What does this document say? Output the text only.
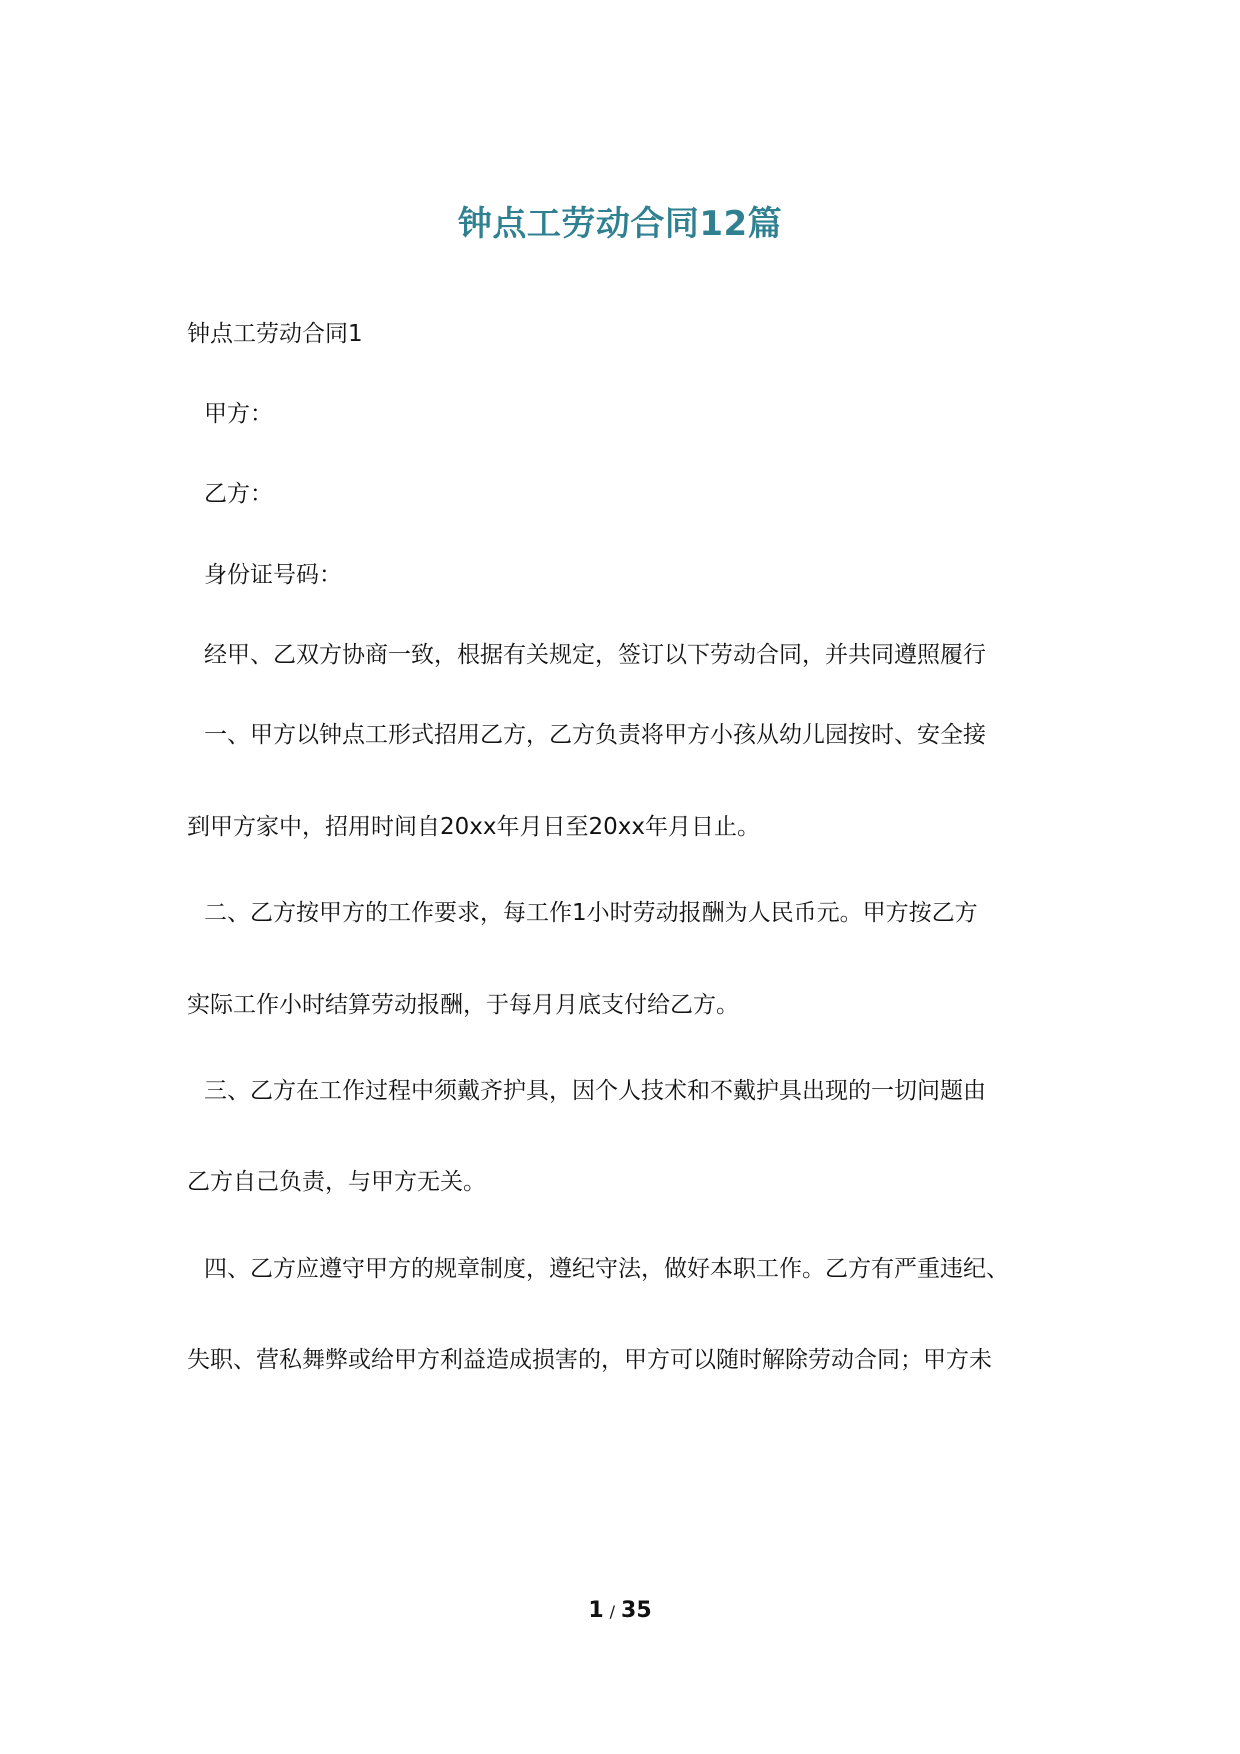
钟点工劳动合同12篇
钟点工劳动合同1
甲方：
乙方：
身份证号码：
经甲、乙双方协商一致，根据有关规定，签订以下劳动合同，并共同遵照履行
一、甲方以钟点工形式招用乙方，乙方负责将甲方小孩从幼儿园按时、安全接
到甲方家中，招用时间自20xx年月日至20xx年月日止。
二、乙方按甲方的工作要求，每工作1小时劳动报酬为人民币元。甲方按乙方
实际工作小时结算劳动报酬，于每月月底支付给乙方。
三、乙方在工作过程中须戴齐护具，因个人技术和不戴护具出现的一切问题由
乙方自己负责，与甲方无关。
四、乙方应遵守甲方的规章制度，遵纪守法，做好本职工作。乙方有严重违纪、
失职、营私舞弊或给甲方利益造成损害的，甲方可以随时解除劳动合同；甲方未
1 / 35
